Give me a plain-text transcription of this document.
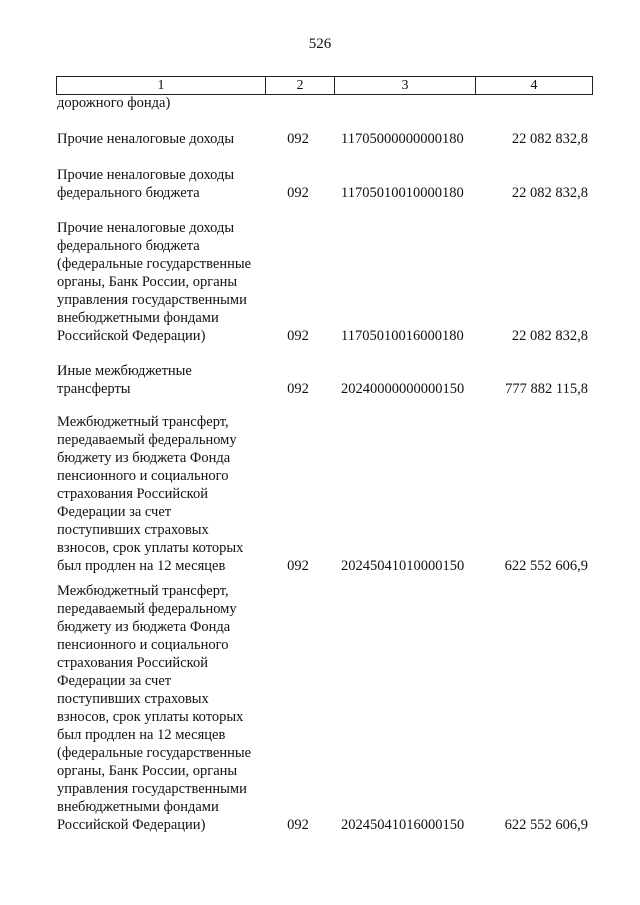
526
1	2	3	4
дорожного фонда)
Прочие неналоговые доходы	092 11705000000000180	22 082 832,8
Прочие неналоговые доходы
федерального бюджета	092 11705010010000180	22 082 832,8
Прочие неналоговые доходы
федерального бюджета
(федеральные государственные
органы, Банк России, органы
управления государственными
внебюджетными фондами
Российской Федерации)	092 11705010016000180	22 082 832,8
Иные межбюджетные
трансферты	092 20240000000000150	777 882 115,8
Межбюджетный трансферт,
передаваемый федеральному
бюджету из бюджета Фонда
пенсионного и социального
страхования Российской
Федерации за счет
поступивших страховых
взносов, срок уплаты которых
был продлен на 12 месяцев	092 20245041010000150	622 552 606,9
Межбюджетный трансферт,
передаваемый федеральному
бюджету из бюджета Фонда
пенсионного и социального
страхования Российской
Федерации за счет
поступивших страховых
взносов, срок уплаты которых
был продлен на 12 месяцев
(федеральные государственные
органы, Банк России, органы
управления государственными
внебюджетными фондами
Российской Федерации)	092 20245041016000150	622 552 606,9
